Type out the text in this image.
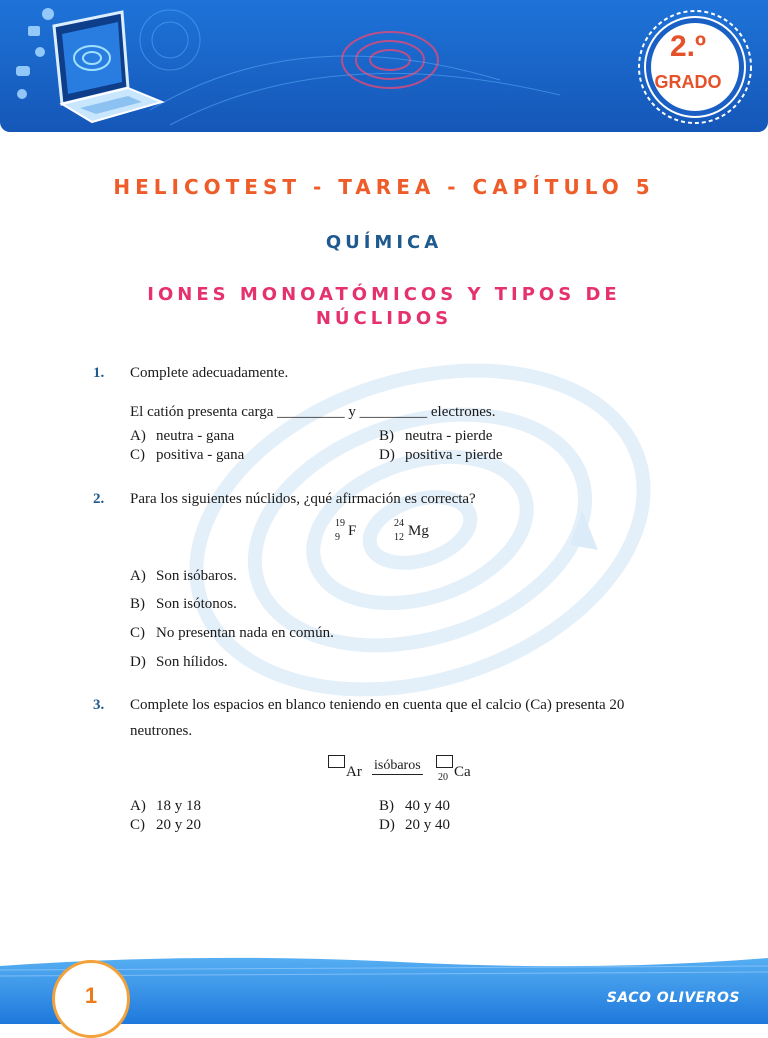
2.º
GRADO
HELICOTEST - TAREA - CAPÍTULO 5
QUÍMICA
IONES MONOATÓMICOS Y TIPOS DE NÚCLIDOS
1. Complete adecuadamente.
El catión presenta carga _________ y _________ electrones.
A) neutra - gana	B) neutra - pierde
C) positiva - gana	D) positiva - pierde
2. Para los siguientes núclidos, ¿qué afirmación es correcta?
19
9 F	24
12 Mg
A) Son isóbaros.
B) Son isótonos.
C) No presentan nada en común.
D) Son hílidos.
3. Complete los espacios en blanco teniendo en cuenta que el calcio (Ca) presenta 20 neutrones.
Ar isóbaros
20 Ca
A) 18 y 18	B) 40 y 40
C) 20 y 20	D) 20 y 40
1	SACO OLIVEROS
